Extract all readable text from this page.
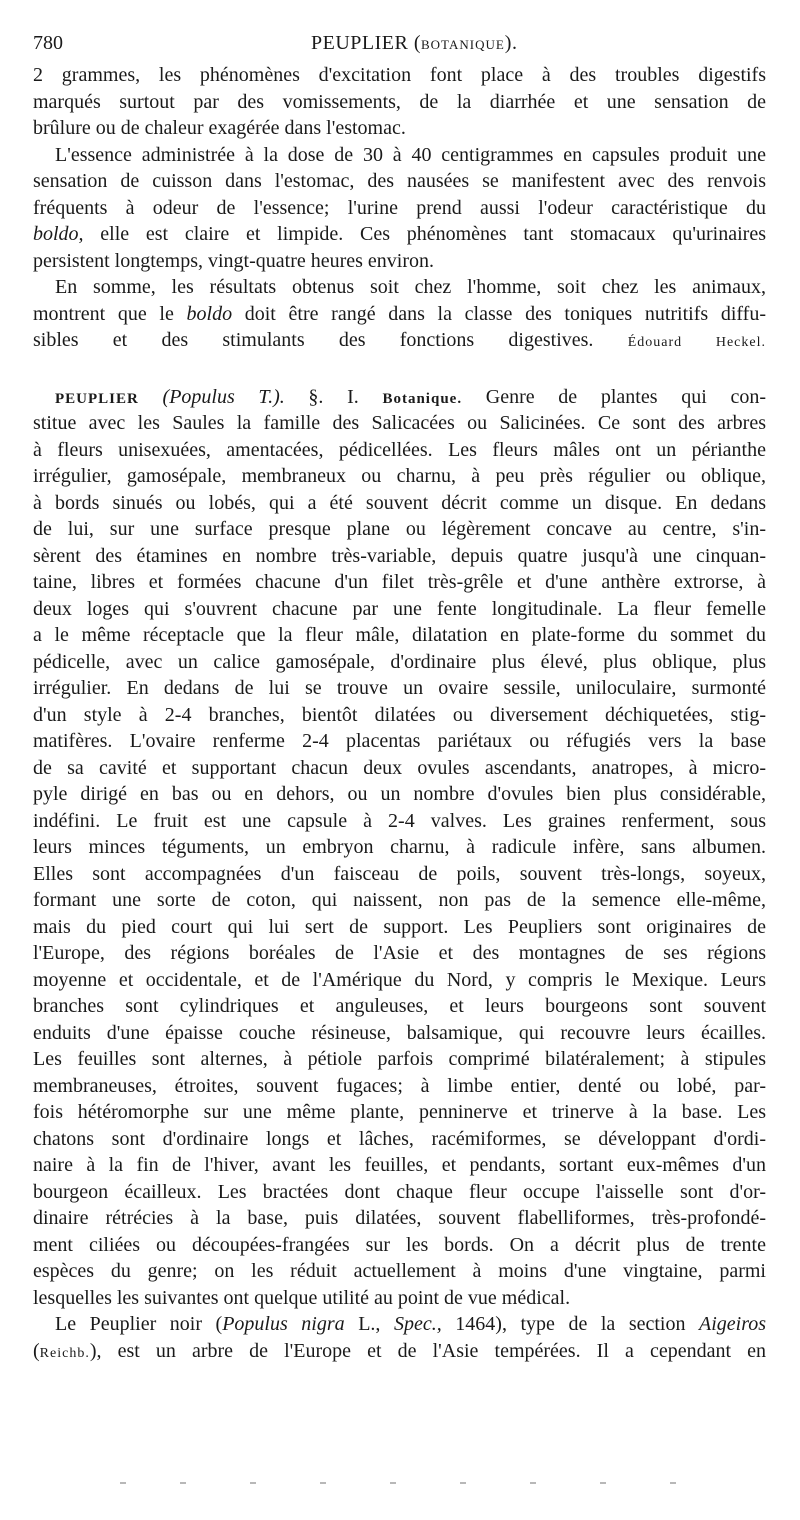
780	PEUPLIER (BOTANIQUE).
2 grammes, les phénomènes d'excitation font place à des troubles digestifs
marqués surtout par des vomissements, de la diarrhée et une sensation de
brûlure ou de chaleur exagérée dans l'estomac.
L'essence administrée à la dose de 30 à 40 centigrammes en capsules produit une
sensation de cuisson dans l'estomac, des nausées se manifestent avec des renvois
fréquents à odeur de l'essence; l'urine prend aussi l'odeur caractéristique du
boldo, elle est claire et limpide. Ces phénomènes tant stomacaux qu'urinaires
persistent longtemps, vingt-quatre heures environ.
En somme, les résultats obtenus soit chez l'homme, soit chez les animaux,
montrent que le boldo doit être rangé dans la classe des toniques nutritifs diffu-
sibles et des stimulants des fonctions digestives. Édouard Heckel.
PEUPLIER (Populus T.). §. I. Botanique. Genre de plantes qui con-
stitue avec les Saules la famille des Salicacées ou Salicinées. Ce sont des arbres
à fleurs unisexuées, amentacées, pédicellées. Les fleurs mâles ont un périanthe
irrégulier, gamosépale, membraneux ou charnu, à peu près régulier ou oblique,
à bords sinués ou lobés, qui a été souvent décrit comme un disque. En dedans
de lui, sur une surface presque plane ou légèrement concave au centre, s'in-
sèrent des étamines en nombre très-variable, depuis quatre jusqu'à une cinquan-
taine, libres et formées chacune d'un filet très-grêle et d'une anthère extrorse, à
deux loges qui s'ouvrent chacune par une fente longitudinale. La fleur femelle
a le même réceptacle que la fleur mâle, dilatation en plate-forme du sommet du
pédicelle, avec un calice gamosépale, d'ordinaire plus élevé, plus oblique, plus
irrégulier. En dedans de lui se trouve un ovaire sessile, uniloculaire, surmonté
d'un style à 2-4 branches, bientôt dilatées ou diversement déchiquetées, stig-
matifères. L'ovaire renferme 2-4 placentas pariétaux ou réfugiés vers la base
de sa cavité et supportant chacun deux ovules ascendants, anatropes, à micro-
pyle dirigé en bas ou en dehors, ou un nombre d'ovules bien plus considérable,
indéfini. Le fruit est une capsule à 2-4 valves. Les graines renferment, sous
leurs minces téguments, un embryon charnu, à radicule infère, sans albumen.
Elles sont accompagnées d'un faisceau de poils, souvent très-longs, soyeux,
formant une sorte de coton, qui naissent, non pas de la semence elle-même,
mais du pied court qui lui sert de support. Les Peupliers sont originaires de
l'Europe, des régions boréales de l'Asie et des montagnes de ses régions
moyenne et occidentale, et de l'Amérique du Nord, y compris le Mexique. Leurs
branches sont cylindriques et anguleuses, et leurs bourgeons sont souvent
enduits d'une épaisse couche résineuse, balsamique, qui recouvre leurs écailles.
Les feuilles sont alternes, à pétiole parfois comprimé bilatéralement; à stipules
membraneuses, étroites, souvent fugaces; à limbe entier, denté ou lobé, par-
fois hétéromorphe sur une même plante, penninerve et trinerve à la base. Les
chatons sont d'ordinaire longs et lâches, racémiformes, se développant d'ordi-
naire à la fin de l'hiver, avant les feuilles, et pendants, sortant eux-mêmes d'un
bourgeon écailleux. Les bractées dont chaque fleur occupe l'aisselle sont d'or-
dinaire rétrécies à la base, puis dilatées, souvent flabelliformes, très-profondé-
ment ciliées ou découpées-frangées sur les bords. On a décrit plus de trente
espèces du genre; on les réduit actuellement à moins d'une vingtaine, parmi
lesquelles les suivantes ont quelque utilité au point de vue médical.
Le Peuplier noir (Populus nigra L., Spec., 1464), type de la section Aigeiros
(Reichb.), est un arbre de l'Europe et de l'Asie tempérées. Il a cependant en
